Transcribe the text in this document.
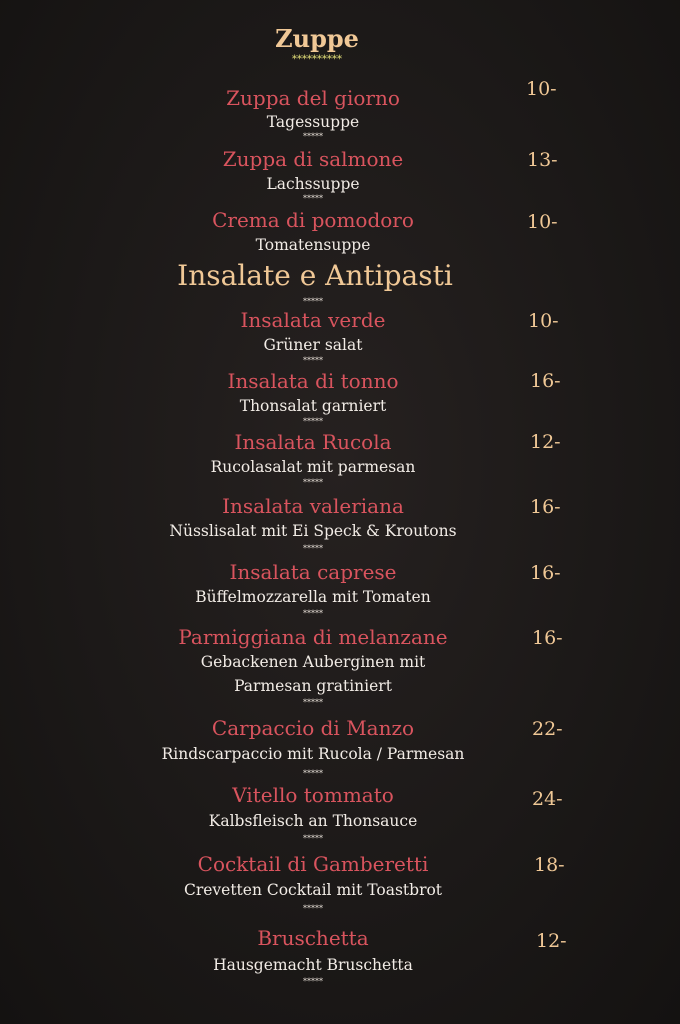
Zuppe
**********
Zuppa del giorno	10-
Tagessuppe
*****
Zuppa di salmone	13-
Lachssuppe
*****
Crema di pomodoro	10-
Tomatensuppe
Insalate e Antipasti
*****
Insalata verde	10-
Grüner salat
*****
Insalata di tonno	16-
Thonsalat garniert
*****
Insalata Rucola	12-
Rucolasalat mit parmesan
*****
Insalata valeriana	16-
Nüsslisalat mit Ei Speck & Kroutons
*****
Insalata caprese	16-
Büffelmozzarella mit Tomaten
*****
Parmiggiana di melanzane	16-
Gebackenen Auberginen mit
Parmesan gratiniert
*****
Carpaccio di Manzo	22-
Rindscarpaccio mit Rucola / Parmesan
*****
Vitello tommato	24-
Kalbsfleisch an Thonsauce
*****
Cocktail di Gamberetti	18-
Crevetten Cocktail mit Toastbrot
*****
Bruschetta	12-
Hausgemacht Bruschetta
*****
